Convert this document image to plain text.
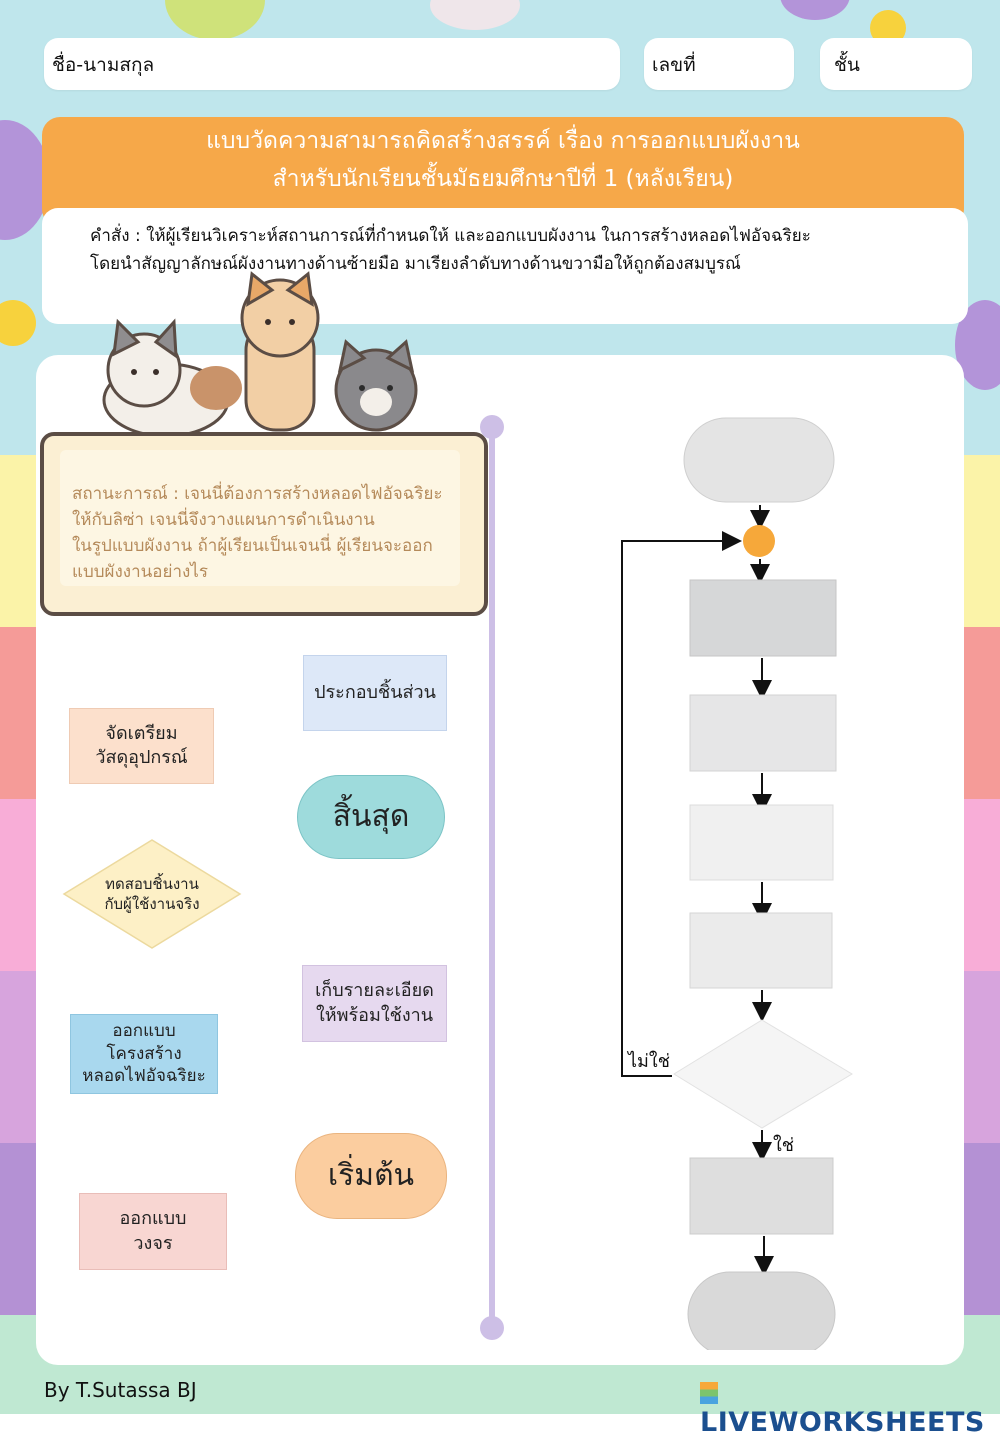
ชื่อ-นามสกุล	เลขที่	ชั้น
แบบวัดความสามารถคิดสร้างสรรค์ เรื่อง การออกแบบผังงาน
สำหรับนักเรียนชั้นมัธยมศึกษาปีที่ 1 (หลังเรียน)
คำสั่ง : ให้ผู้เรียนวิเคราะห์สถานการณ์ที่กำหนดให้ และออกแบบผังงาน ในการสร้างหลอดไฟอัจฉริยะ
โดยนำสัญญาลักษณ์ผังงานทางด้านซ้ายมือ มาเรียงลำดับทางด้านขวามือให้ถูกต้องสมบูรณ์
สถานะการณ์ : เจนนี่ต้องการสร้างหลอดไฟอัจฉริยะ
ให้กับลิซ่า เจนนี่จึงวางแผนการดำเนินงาน
ในรูปแบบผังงาน ถ้าผู้เรียนเป็นเจนนี่ ผู้เรียนจะออก
แบบผังงานอย่างไร
ประกอบชิ้นส่วน
จัดเตรียม
วัสดุอุปกรณ์
สิ้นสุด
ทดสอบชิ้นงาน
กับผู้ใช้งานจริง
เก็บรายละเอียด
ให้พร้อมใช้งาน
ออกแบบ
โครงสร้าง
หลอดไฟอัจฉริยะ
เริ่มต้น
ออกแบบ
วงจร
ไม่ใช่
ใช่
By T.Sutassa BJ
LIVEWORKSHEETS
